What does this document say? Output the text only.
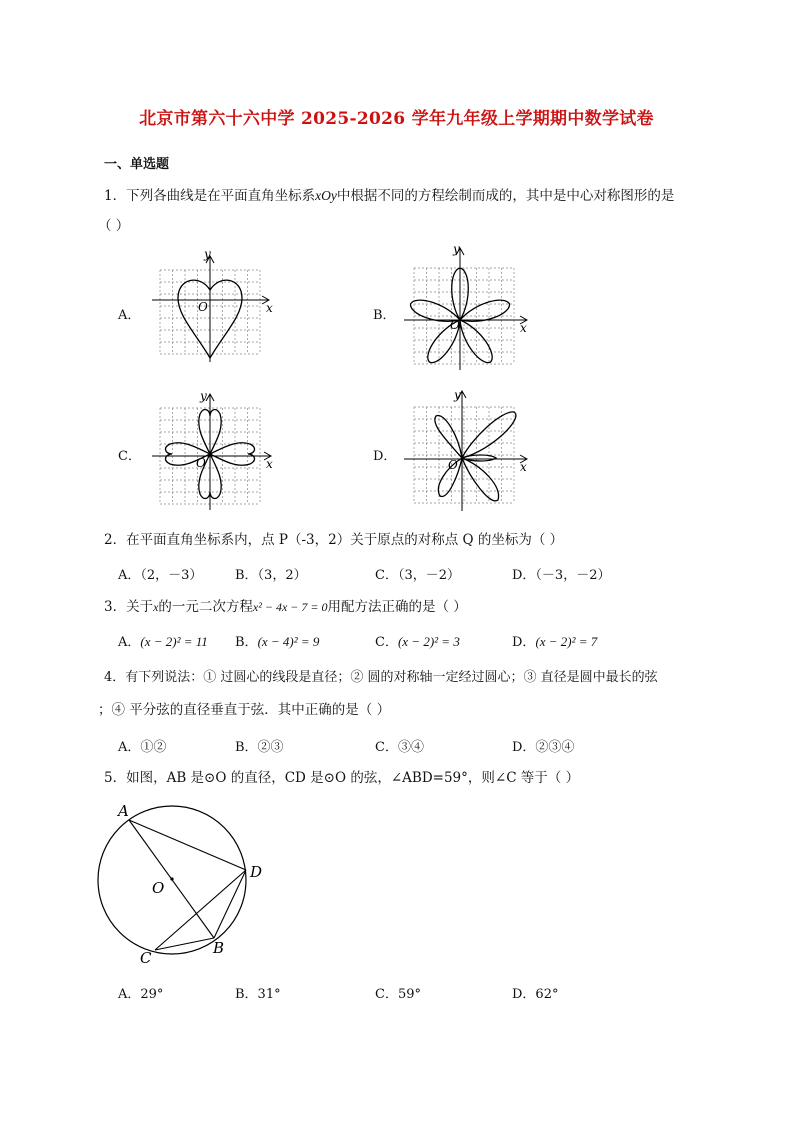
北京市第六十六中学 2025-2026 学年九年级上学期期中数学试卷
一、单选题
1．下列各曲线是在平面直角坐标系xOy中根据不同的方程绘制而成的，其中是中心对称图形的是
（ ）
A．	B．
C．	D．
y
x
O
y
x
O
y
x
O
y
x
O
2．在平面直角坐标系内，点 P（-3，2）关于原点的对称点 Q 的坐标为（ ）
A．（2，－3）	B．（3，2）	C．（3，－2）	D．（－3，－2）
3．关于x的一元二次方程x² − 4x − 7 = 0用配方法正确的是（ ）
A．(x − 2)² = 11 B．(x − 4)² = 9	C．(x − 2)² = 3	D．(x − 2)² = 7
4．有下列说法：① 过圆心的线段是直径；② 圆的对称轴一定经过圆心；③ 直径是圆中最长的弦
；④ 平分弦的直径垂直于弦．其中正确的是（ ）
A．①②	B．②③	C．③④	D．②③④
5．如图，AB 是⊙O 的直径，CD 是⊙O 的弦，∠ABD=59°，则∠C 等于（ ）
A
O
D
B
C
A．29°	B．31°	C．59°	D．62°
